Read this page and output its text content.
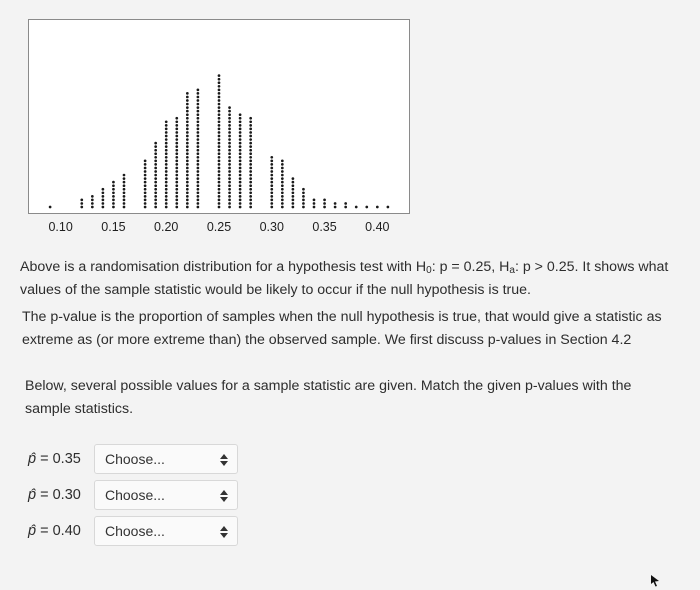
0.10 0.15 0.20 0.25 0.30 0.35 0.40

Above is a randomisation distribution for a hypothesis test with $H_0$: p = 0.25, $H_a$: p > 0.25. It shows what values of the sample statistic would be likely to occur if the null hypothesis is true.

The p-value is the proportion of samples when the null hypothesis is true, that would give a statistic as extreme as (or more extreme than) the observed sample. We first discuss p-values in Section 4.2

Below, several possible values for a sample statistic are given. Match the given p-values with the sample statistics.

p̂ = 0.35	Choose...
p̂ = 0.30	Choose...
p̂ = 0.40	Choose...
